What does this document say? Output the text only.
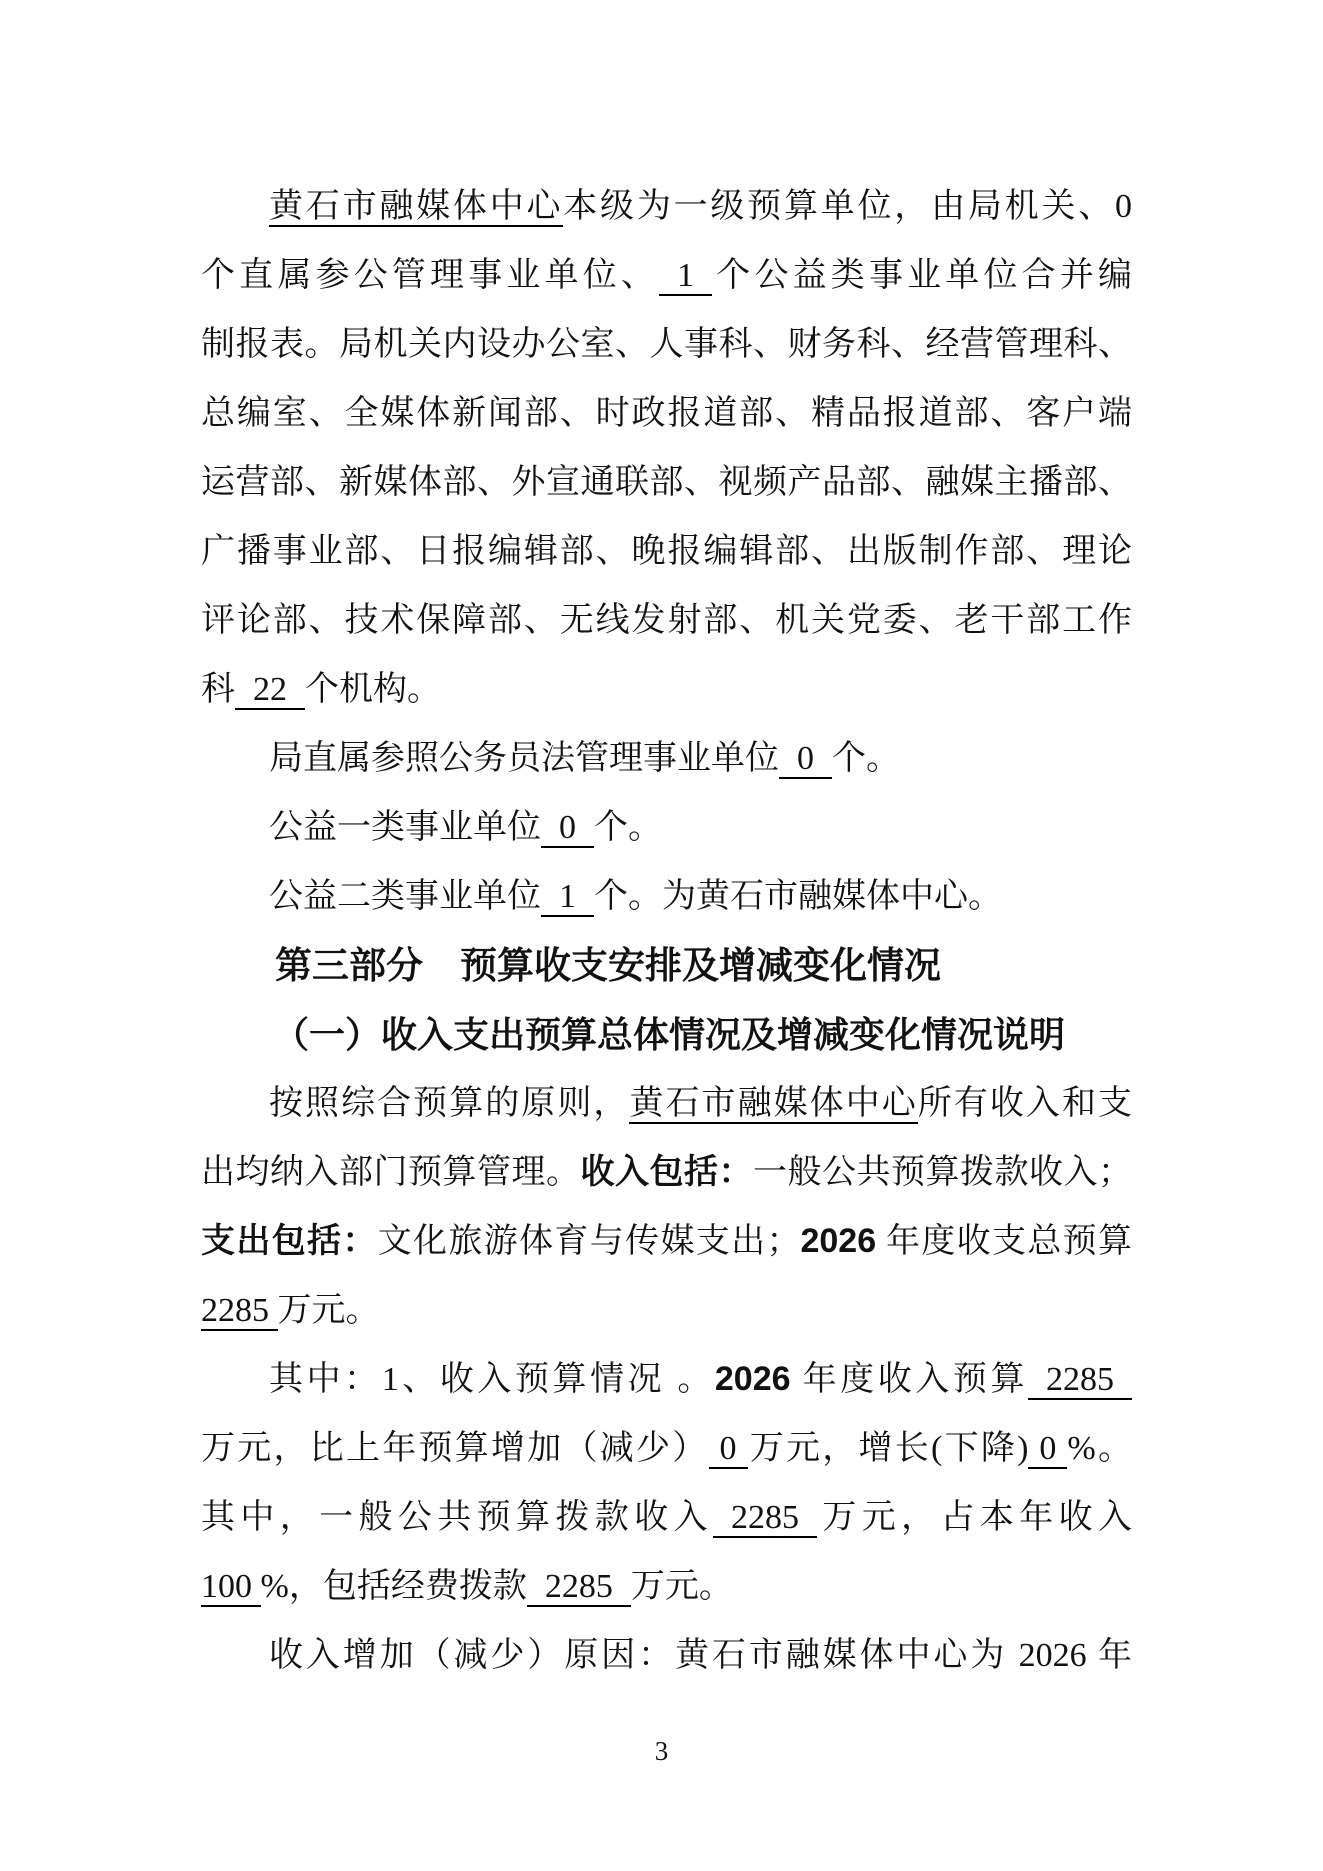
黄石市融媒体中心本级为一级预算单位，由局机关、0
个直属参公管理事业单位、 1 个公益类事业单位合并编
制报表。局机关内设办公室、人事科、财务科、经营管理科、
总编室、全媒体新闻部、时政报道部、精品报道部、客户端
运营部、新媒体部、外宣通联部、视频产品部、融媒主播部、
广播事业部、日报编辑部、晚报编辑部、出版制作部、理论
评论部、技术保障部、无线发射部、机关党委、老干部工作
科 22 个机构。
局直属参照公务员法管理事业单位 0 个。
公益一类事业单位 0 个。
公益二类事业单位 1 个。为黄石市融媒体中心。
第三部分　预算收支安排及增减变化情况
（一）收入支出预算总体情况及增减变化情况说明
按照综合预算的原则，黄石市融媒体中心所有收入和支
出均纳入部门预算管理。收入包括：一般公共预算拨款收入；
支出包括：文化旅游体育与传媒支出；2026 年度收支总预算
2285 万元。
其中：1、收入预算情况 。2026 年度收入预算 2285
万元，比上年预算增加（减少） 0 万元，增长(下降) 0 %。
其中，一般公共预算拨款收入 2285 万元，占本年收入
100 %，包括经费拨款 2285 万元。
收入增加（减少）原因：黄石市融媒体中心为 2026 年
3
